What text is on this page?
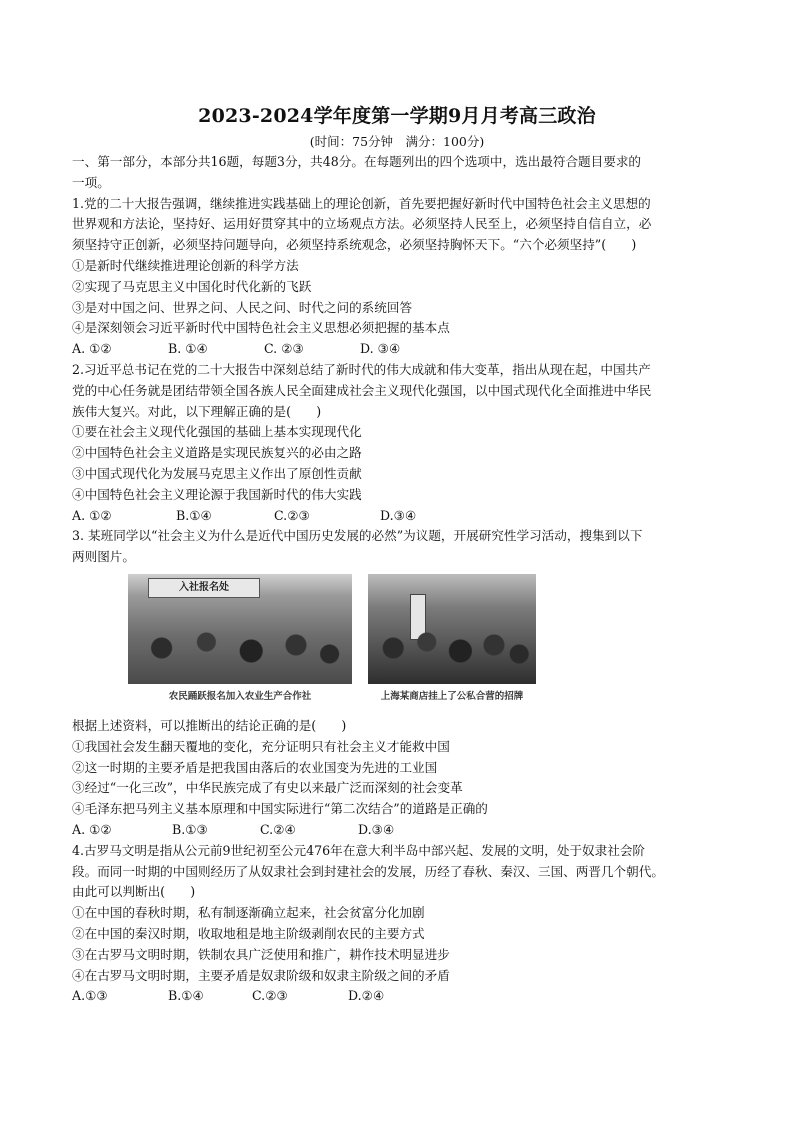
2023-2024学年度第一学期9月月考高三政治

(时间：75分钟　满分：100分)

一、第一部分，本部分共16题，每题3分，共48分。在每题列出的四个选项中，选出最符合题目要求的

一项。

1.党的二十大报告强调，继续推进实践基础上的理论创新，首先要把握好新时代中国特色社会主义思想的

世界观和方法论，坚持好、运用好贯穿其中的立场观点方法。必须坚持人民至上，必须坚持自信自立，必

须坚持守正创新，必须坚持问题导向，必须坚持系统观念，必须坚持胸怀天下。“六个必须坚持”(　　)

①是新时代继续推进理论创新的科学方法

②实现了马克思主义中国化时代化新的飞跃

③是对中国之问、世界之问、人民之问、时代之问的系统回答

④是深刻领会习近平新时代中国特色社会主义思想必须把握的基本点

A. ①②	B. ①④	C. ②③	D. ③④

2.习近平总书记在党的二十大报告中深刻总结了新时代的伟大成就和伟大变革，指出从现在起，中国共产

党的中心任务就是团结带领全国各族人民全面建成社会主义现代化强国，以中国式现代化全面推进中华民

族伟大复兴。对此，以下理解正确的是(　　)

①要在社会主义现代化强国的基础上基本实现现代化

②中国特色社会主义道路是实现民族复兴的必由之路

③中国式现代化为发展马克思主义作出了原创性贡献

④中国特色社会主义理论源于我国新时代的伟大实践

A. ①②	B.①④	C.②③	D.③④

3. 某班同学以“社会主义为什么是近代中国历史发展的必然”为议题，开展研究性学习活动，搜集到以下

两则图片。

入社报名处
农民踊跃报名加入农业生产合作社	上海某商店挂上了公私合营的招牌

根据上述资料，可以推断出的结论正确的是(　　)

①我国社会发生翻天覆地的变化，充分证明只有社会主义才能救中国

②这一时期的主要矛盾是把我国由落后的农业国变为先进的工业国

③经过“一化三改”，中华民族完成了有史以来最广泛而深刻的社会变革

④毛泽东把马列主义基本原理和中国实际进行“第二次结合”的道路是正确的

A. ①②	B.①③	C.②④	D.③④

4.古罗马文明是指从公元前9世纪初至公元476年在意大利半岛中部兴起、发展的文明，处于奴隶社会阶

段。而同一时期的中国则经历了从奴隶社会到封建社会的发展，历经了春秋、秦汉、三国、两晋几个朝代。

由此可以判断出(　　)

①在中国的春秋时期，私有制逐渐确立起来，社会贫富分化加剧

②在中国的秦汉时期，收取地租是地主阶级剥削农民的主要方式

③在古罗马文明时期，铁制农具广泛使用和推广，耕作技术明显进步

④在古罗马文明时期，主要矛盾是奴隶阶级和奴隶主阶级之间的矛盾

A.①③	B.①④	C.②③	D.②④
